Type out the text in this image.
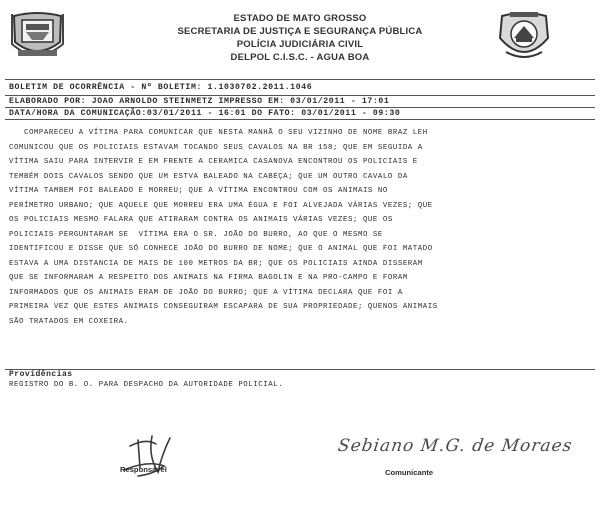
ESTADO DE MATO GROSSO
SECRETARIA DE JUSTIÇA E SEGURANÇA PÚBLICA
POLÍCIA JUDICIÁRIA CIVIL
DELPOL C.I.S.C. - AGUA BOA
BOLETIM DE OCORRÊNCIA - Nº BOLETIM: 1.1030702.2011.1046
ELABORADO POR: JOAO ARNOLDO STEINMETZ IMPRESSO EM: 03/01/2011 - 17:01
DATA/HORA DA COMUNICAÇÃO:03/01/2011 - 16:01 DO FATO: 03/01/2011 - 09:30
COMPARECEU A VÍTIMA PARA COMUNICAR QUE NESTA MANHÃ O SEU VIZINHO DE NOME BRAZ LEH
COMUNICOU QUE OS POLICIAIS ESTAVAM TOCANDO SEUS CAVALOS NA BR 158; QUE EM SEGUIDA A
VÍTIMA SAIU PARA INTERVIR E EM FRENTE A CERAMICA CASANOVA ENCONTROU OS POLICIAIS E
TEMBÉM DOIS CAVALOS SENDO QUE UM ESTVA BALEADO NA CABEÇA; QUE UM OUTRO CAVALO DA
VÍTIMA TAMBEM FOI BALEADO E MORREU; QUE A VÍTIMA ENCONTROU COM OS ANIMAIS NO
PERÍMETRO URBANO; QUE AQUELE QUE MORREU ERA UMA ÉGUA E FOI ALVEJADA VÁRIAS VEZES; QUE
OS POLICIAIS MESMO FALARA QUE ATIRARAM CONTRA OS ANIMAIS VÁRIAS VEZES; QUE OS
POLICIAIS PERGUNTARAM SE  VÍTIMA ERA O SR. JOÃO DO BURRO, AO QUE O MESMO SE
IDENTIFICOU E DISSE QUE SÓ CONHECE JOÃO DO BURRO DE NOME; QUE O ANIMAL QUE FOI MATADO
ESTAVA A UMA DISTANCIA DE MAIS DE 100 METROS DA BR; QUE OS POLICIAIS AINDA DISSERAM
QUE SE INFORMARAM A RESPEITO DOS ANIMAIS NA FIRMA BAGOLIN E NA PRO-CAMPO E FORAM
INFORMADOS QUE OS ANIMAIS ERAM DE JOÃO DO BURRO; QUE A VÍTIMA DECLARA QUE FOI A
PRIMEIRA VEZ QUE ESTES ANIMAIS CONSEGUIRAM ESCAPARA DE SUA PROPRIEDADE; QUENOS ANIMAIS
SÃO TRATADOS EM COXEIRA.
Providências
REGISTRO DO B. O. PARA DESPACHO DA AUTORIDADE POLICIAL.
Responsável
Sebiano M.G. de Moraes
Comunicante
